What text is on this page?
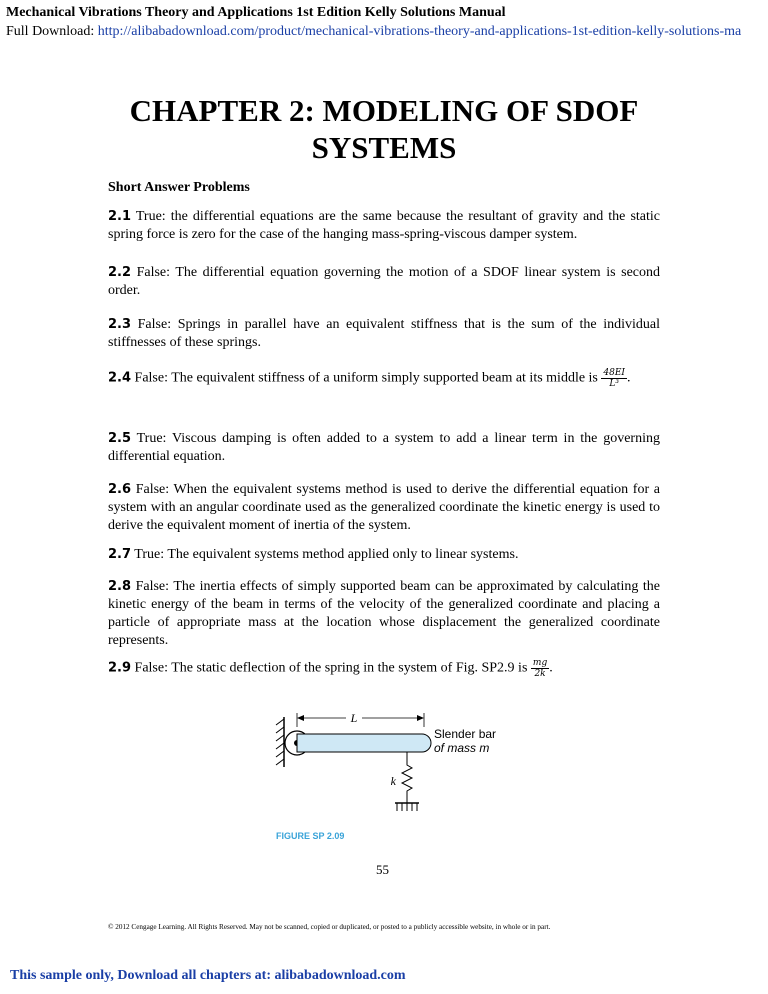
Mechanical Vibrations Theory and Applications 1st Edition Kelly Solutions Manual
Full Download: http://alibabadownload.com/product/mechanical-vibrations-theory-and-applications-1st-edition-kelly-solutions-ma
CHAPTER 2: MODELING OF SDOF SYSTEMS
Short Answer Problems
2.1 True: the differential equations are the same because the resultant of gravity and the static spring force is zero for the case of the hanging mass-spring-viscous damper system.
2.2 False: The differential equation governing the motion of a SDOF linear system is second order.
2.3 False: Springs in parallel have an equivalent stiffness that is the sum of the individual stiffnesses of these springs.
2.4 False: The equivalent stiffness of a uniform simply supported beam at its middle is $\frac{48EI}{\text{L³}}$ .
2.5 True: Viscous damping is often added to a system to add a linear term in the governing differential equation.
2.6 False: When the equivalent systems method is used to derive the differential equation for a system with an angular coordinate used as the generalized coordinate the kinetic energy is used to derive the equivalent moment of inertia of the system.
2.7 True: The equivalent systems method applied only to linear systems.
2.8 False: The inertia effects of simply supported beam can be approximated by calculating the kinetic energy of the beam in terms of the velocity of the generalized coordinate and placing a particle of appropriate mass at the location whose displacement the generalized coordinate represents.
2.9 False: The static deflection of the spring in the system of Fig. SP2.9 is $\frac{mg}{2k}$ .
L
Slender bar
of mass m
k
FIGURE SP 2.09
55
© 2012 Cengage Learning. All Rights Reserved. May not be scanned, copied or duplicated, or posted to a publicly accessible website, in whole or in part.
This sample only, Download all chapters at: alibabadownload.com
